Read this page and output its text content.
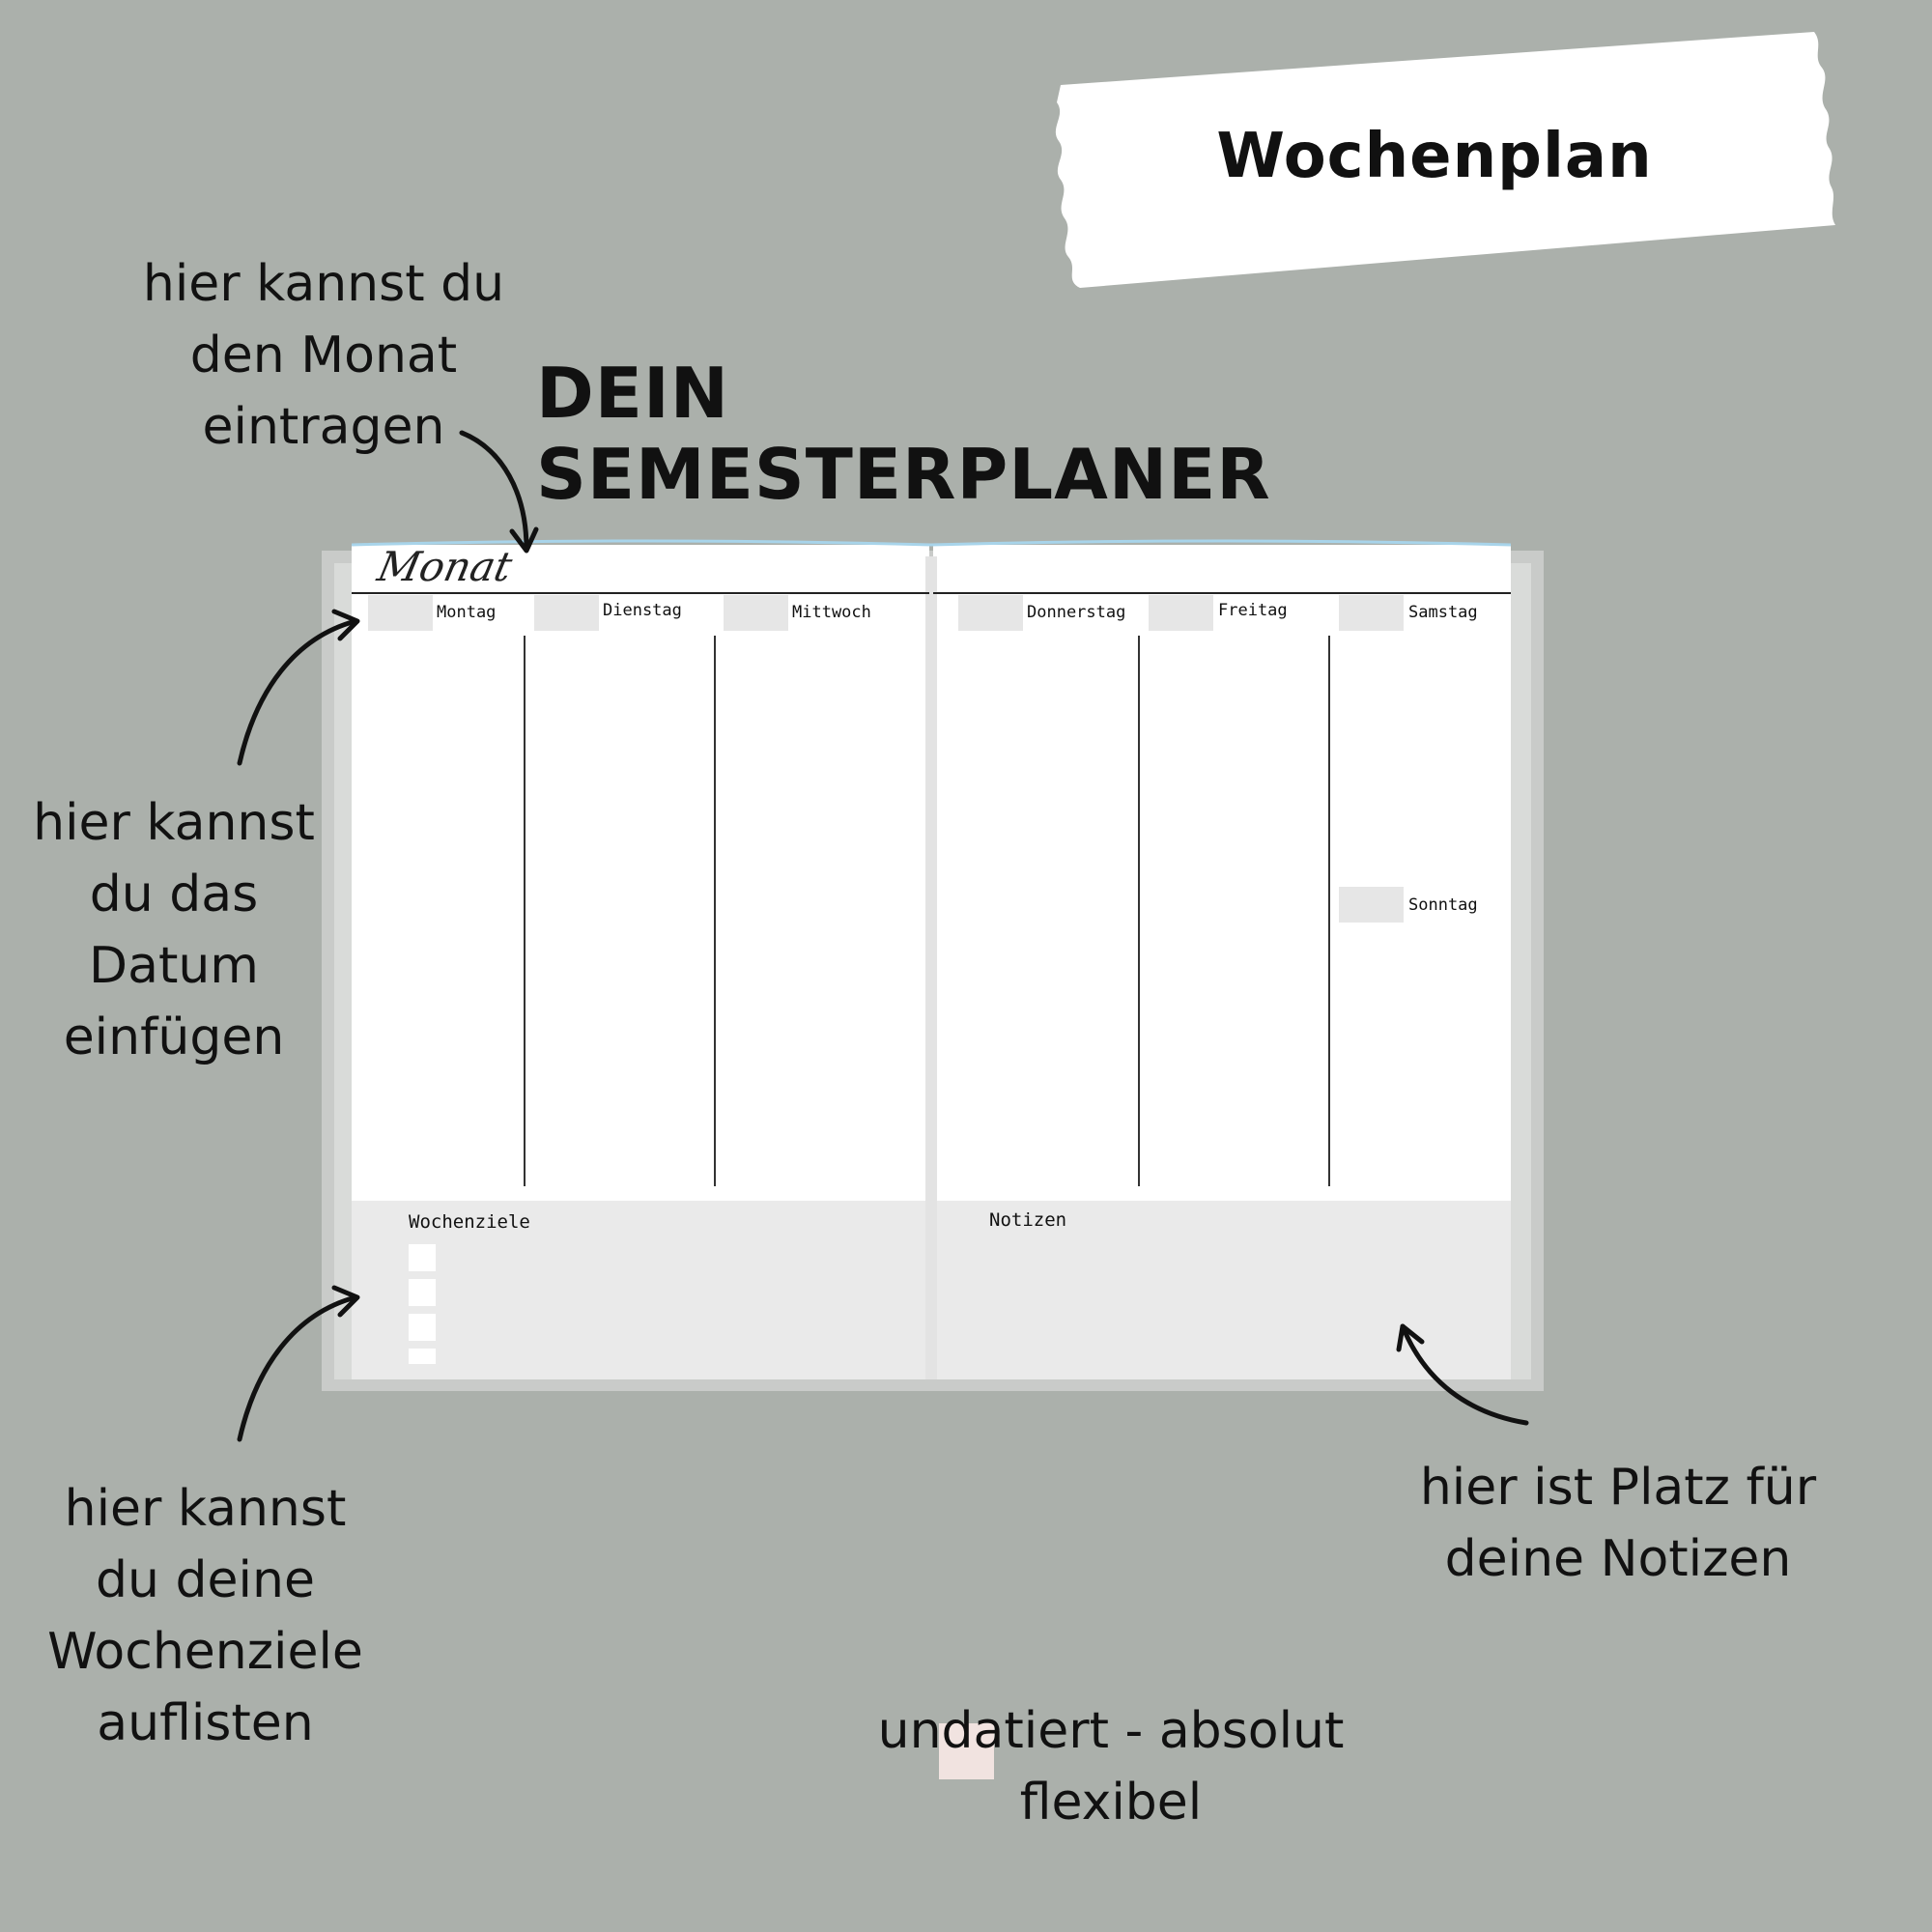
Wochenplan
DEIN SEMESTERPLANER
hier kannst du
den Monat
eintragen
hier kannst
du das
Datum
einfügen
hier kannst
du deine
Wochenziele
auflisten
hier ist Platz für
deine Notizen
Monat
Montag	Dienstag	Mittwoch	Donnerstag	Freitag	Samstag
Sonntag
Wochenziele	Notizen
undatiert - absolut
flexibel
